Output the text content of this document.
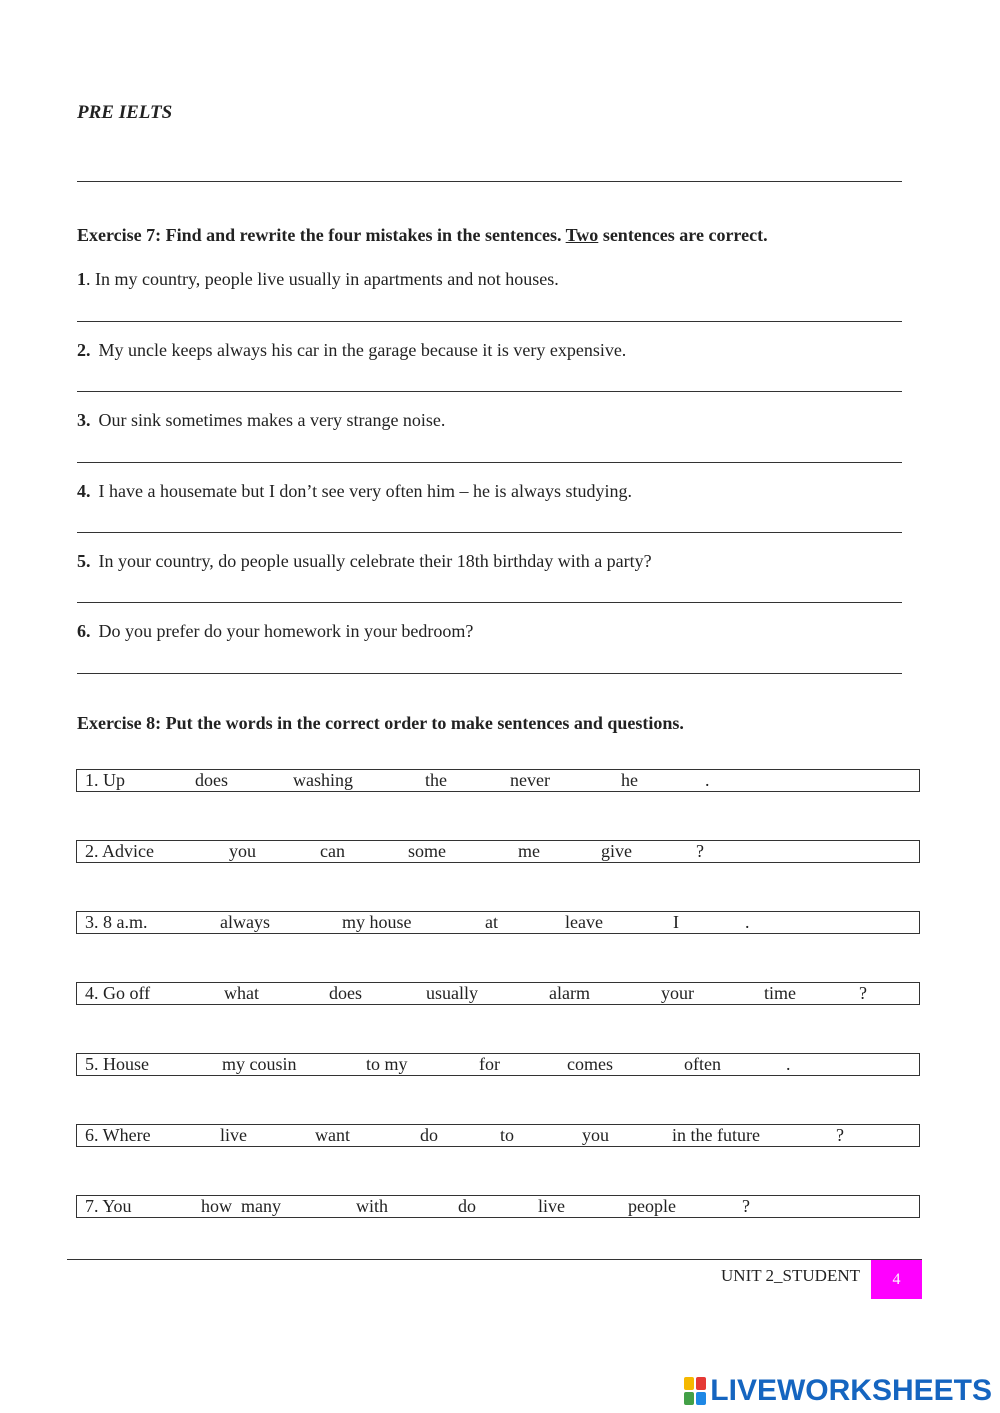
PRE IELTS
Exercise 7: Find and rewrite the four mistakes in the sentences. Two sentences are correct.
1. In my country, people live usually in apartments and not houses.
2. My uncle keeps always his car in the garage because it is very expensive.
3. Our sink sometimes makes a very strange noise.
4. I have a housemate but I don’t see very often him – he is always studying.
5. In your country, do people usually celebrate their 18th birthday with a party?
6. Do you prefer do your homework in your bedroom?
Exercise 8: Put the words in the correct order to make sentences and questions.
1. Up	does	washing	the	never	he	.
2. Advice	you	can	some	me	give	?
3. 8 a.m.	always	my house	at	leave	I	.
4. Go off	what	does	usually	alarm	your	time	?
5. House	my cousin	to my	for	comes	often	.
6. Where	live	want	do	to	you	in the future	?
7. You	how  many	with	do	live	people	?
UNIT 2_STUDENT	4
LIVEWORKSHEETS
